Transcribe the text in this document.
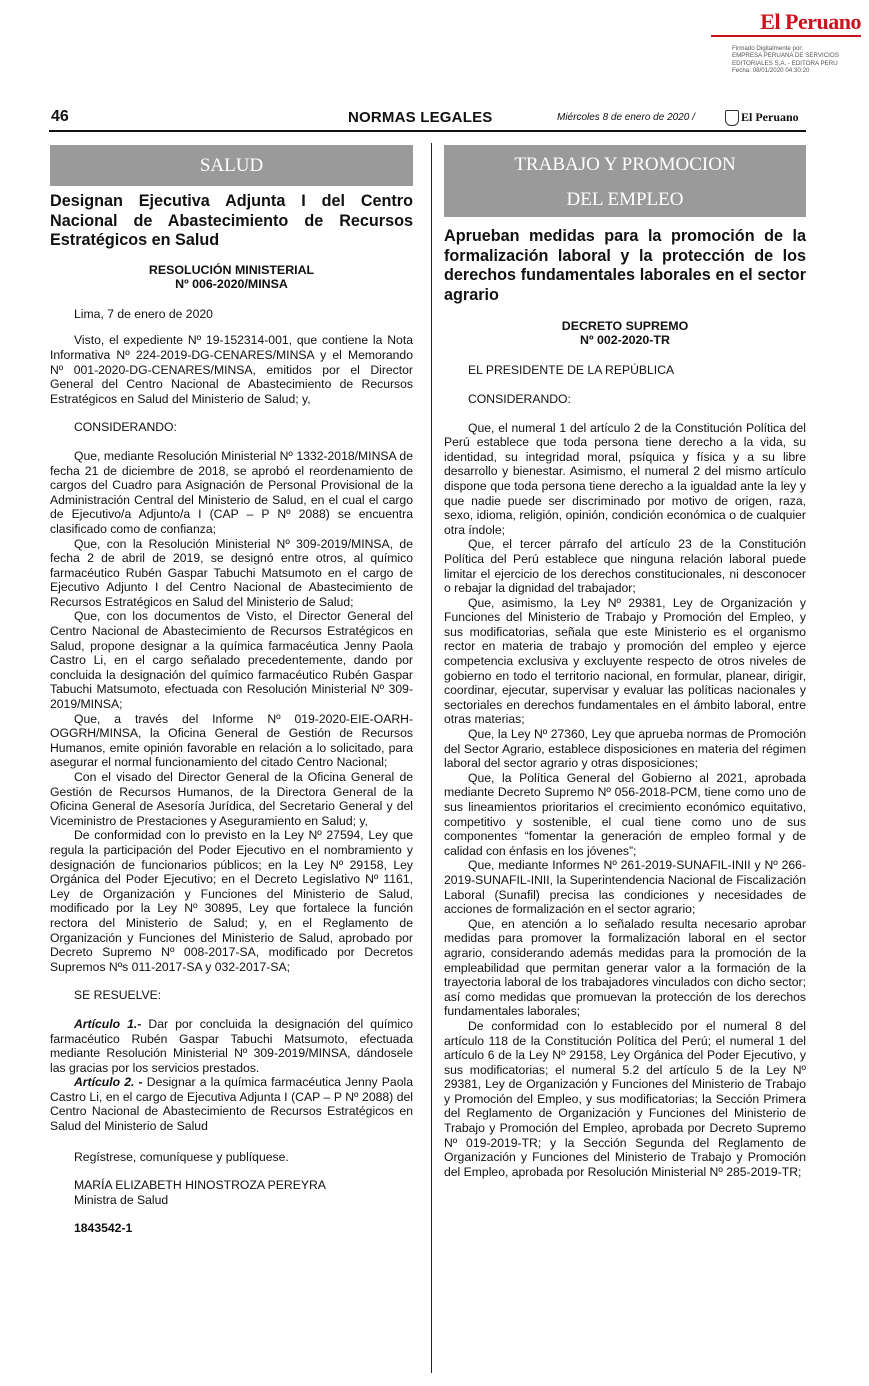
El Peruano
Firmado Digitalmente por:
EMPRESA PERUANA DE SERVICIOS
EDITORIALES S.A. - EDITORA PERU
Fecha: 08/01/2020 04:30:20
46	NORMAS LEGALES	Miércoles 8 de enero de 2020 /	El Peruano
SALUD
Designan Ejecutiva Adjunta I del Centro Nacional de Abastecimiento de Recursos Estratégicos en Salud
RESOLUCIÓN MINISTERIAL
Nº 006-2020/MINSA

Lima, 7 de enero de 2020

Visto, el expediente Nº 19-152314-001, que contiene la Nota Informativa Nº 224-2019-DG-CENARES/MINSA y el Memorando Nº 001-2020-DG-CENARES/MINSA, emitidos por el Director General del Centro Nacional de Abastecimiento de Recursos Estratégicos en Salud del Ministerio de Salud; y,

CONSIDERANDO:

Que, mediante Resolución Ministerial Nº 1332-2018/MINSA de fecha 21 de diciembre de 2018, se aprobó el reordenamiento de cargos del Cuadro para Asignación de Personal Provisional de la Administración Central del Ministerio de Salud, en el cual el cargo de Ejecutivo/a Adjunto/a I (CAP – P Nº 2088) se encuentra clasificado como de confianza;

Que, con la Resolución Ministerial Nº 309-2019/MINSA, de fecha 2 de abril de 2019, se designó entre otros, al químico farmacéutico Rubén Gaspar Tabuchi Matsumoto en el cargo de Ejecutivo Adjunto I del Centro Nacional de Abastecimiento de Recursos Estratégicos en Salud del Ministerio de Salud;

Que, con los documentos de Visto, el Director General del Centro Nacional de Abastecimiento de Recursos Estratégicos en Salud, propone designar a la química farmacéutica Jenny Paola Castro Li, en el cargo señalado precedentemente, dando por concluida la designación del químico farmacéutico Rubén Gaspar Tabuchi Matsumoto, efectuada con Resolución Ministerial Nº 309-2019/MINSA;

Que, a través del Informe Nº 019-2020-EIE-OARH-OGGRH/MINSA, la Oficina General de Gestión de Recursos Humanos, emite opinión favorable en relación a lo solicitado, para asegurar el normal funcionamiento del citado Centro Nacional;

Con el visado del Director General de la Oficina General de Gestión de Recursos Humanos, de la Directora General de la Oficina General de Asesoría Jurídica, del Secretario General y del Viceministro de Prestaciones y Aseguramiento en Salud; y,

De conformidad con lo previsto en la Ley Nº 27594, Ley que regula la participación del Poder Ejecutivo en el nombramiento y designación de funcionarios públicos; en la Ley Nº 29158, Ley Orgánica del Poder Ejecutivo; en el Decreto Legislativo Nº 1161, Ley de Organización y Funciones del Ministerio de Salud, modificado por la Ley Nº 30895, Ley que fortalece la función rectora del Ministerio de Salud; y, en el Reglamento de Organización y Funciones del Ministerio de Salud, aprobado por Decreto Supremo Nº 008-2017-SA, modificado por Decretos Supremos Nºs 011-2017-SA y 032-2017-SA;

SE RESUELVE:

Artículo 1.- Dar por concluida la designación del químico farmacéutico Rubén Gaspar Tabuchi Matsumoto, efectuada mediante Resolución Ministerial Nº 309-2019/MINSA, dándosele las gracias por los servicios prestados.

Artículo 2. - Designar a la química farmacéutica Jenny Paola Castro Li, en el cargo de Ejecutiva Adjunta I (CAP – P Nº 2088) del Centro Nacional de Abastecimiento de Recursos Estratégicos en Salud del Ministerio de Salud

Regístrese, comuníquese y publíquese.

MARÍA ELIZABETH HINOSTROZA PEREYRA

Ministra de Salud

1843542-1

TRABAJO Y PROMOCION
DEL EMPLEO
Aprueban medidas para la promoción de la formalización laboral y la protección de los derechos fundamentales laborales en el sector agrario
DECRETO SUPREMO
Nº 002-2020-TR

EL PRESIDENTE DE LA REPÚBLICA

CONSIDERANDO:

Que, el numeral 1 del artículo 2 de la Constitución Política del Perú establece que toda persona tiene derecho a la vida, su identidad, su integridad moral, psíquica y física y a su libre desarrollo y bienestar. Asimismo, el numeral 2 del mismo artículo dispone que toda persona tiene derecho a la igualdad ante la ley y que nadie puede ser discriminado por motivo de origen, raza, sexo, idioma, religión, opinión, condición económica o de cualquier otra índole;

Que, el tercer párrafo del artículo 23 de la Constitución Política del Perú establece que ninguna relación laboral puede limitar el ejercicio de los derechos constitucionales, ni desconocer o rebajar la dignidad del trabajador;

Que, asimismo, la Ley Nº 29381, Ley de Organización y Funciones del Ministerio de Trabajo y Promoción del Empleo, y sus modificatorias, señala que este Ministerio es el organismo rector en materia de trabajo y promoción del empleo y ejerce competencia exclusiva y excluyente respecto de otros niveles de gobierno en todo el territorio nacional, en formular, planear, dirigir, coordinar, ejecutar, supervisar y evaluar las políticas nacionales y sectoriales en derechos fundamentales en el ámbito laboral, entre otras materias;

Que, la Ley Nº 27360, Ley que aprueba normas de Promoción del Sector Agrario, establece disposiciones en materia del régimen laboral del sector agrario y otras disposiciones;

Que, la Política General del Gobierno al 2021, aprobada mediante Decreto Supremo Nº 056-2018-PCM, tiene como uno de sus lineamientos prioritarios el crecimiento económico equitativo, competitivo y sostenible, el cual tiene como uno de sus componentes “fomentar la generación de empleo formal y de calidad con énfasis en los jóvenes”;

Que, mediante Informes Nº 261-2019-SUNAFIL-INII y Nº 266-2019-SUNAFIL-INII, la Superintendencia Nacional de Fiscalización Laboral (Sunafil) precisa las condiciones y necesidades de acciones de formalización en el sector agrario;

Que, en atención a lo señalado resulta necesario aprobar medidas para promover la formalización laboral en el sector agrario, considerando además medidas para la promoción de la empleabilidad que permitan generar valor a la formación de la trayectoria laboral de los trabajadores vinculados con dicho sector; así como medidas que promuevan la protección de los derechos fundamentales laborales;

De conformidad con lo establecido por el numeral 8 del artículo 118 de la Constitución Política del Perú; el numeral 1 del artículo 6 de la Ley Nº 29158, Ley Orgánica del Poder Ejecutivo, y sus modificatorias; el numeral 5.2 del artículo 5 de la Ley Nº 29381, Ley de Organización y Funciones del Ministerio de Trabajo y Promoción del Empleo, y sus modificatorias; la Sección Primera del Reglamento de Organización y Funciones del Ministerio de Trabajo y Promoción del Empleo, aprobada por Decreto Supremo Nº 019-2019-TR; y la Sección Segunda del Reglamento de Organización y Funciones del Ministerio de Trabajo y Promoción del Empleo, aprobada por Resolución Ministerial Nº 285-2019-TR;
